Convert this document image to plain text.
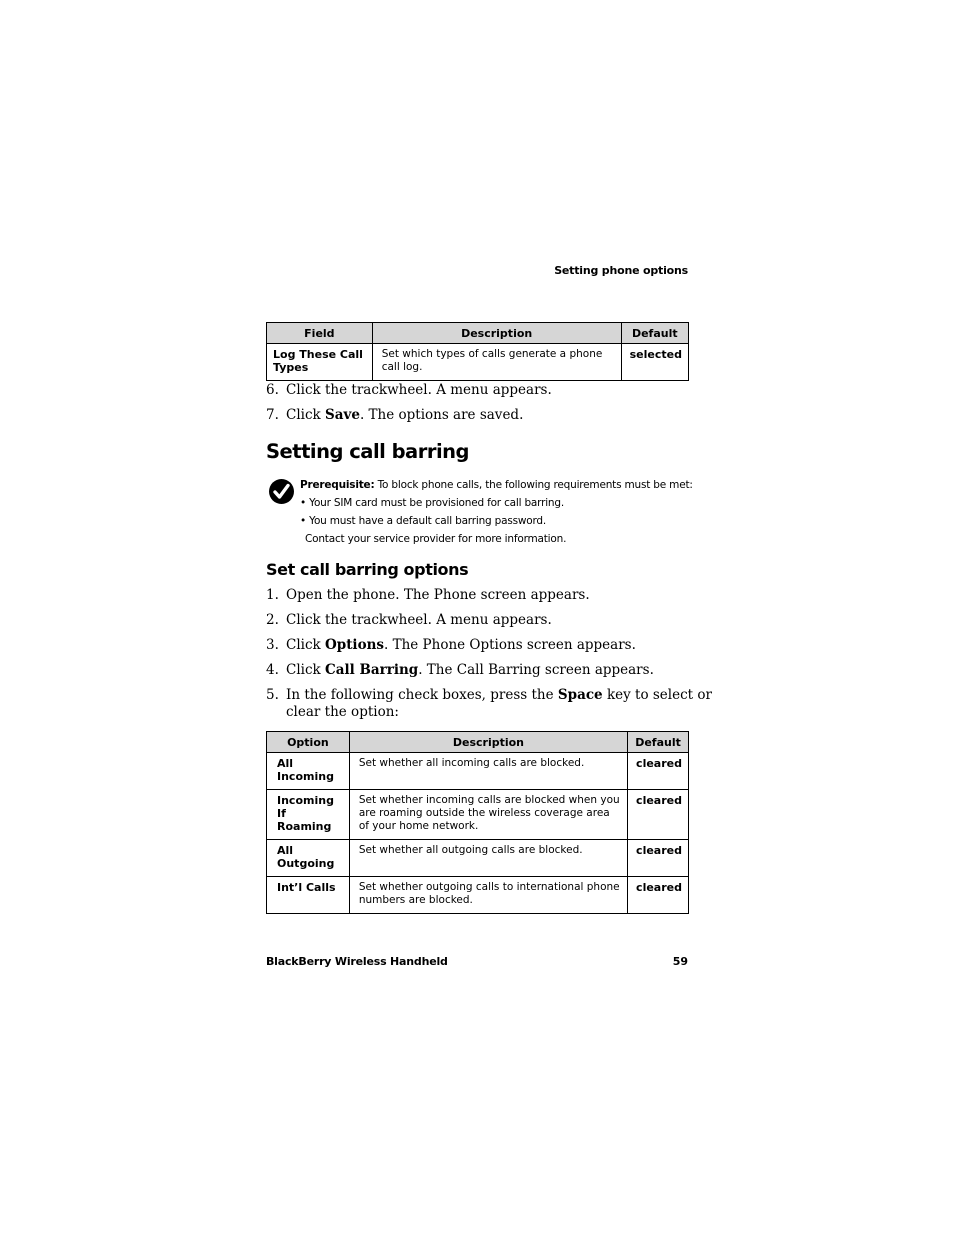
Setting phone options
Field	Description	Default
Log These Call Types	Set which types of calls generate a phone call log.	selected
6. Click the trackwheel. A menu appears.
7. Click Save. The options are saved.
Setting call barring
Prerequisite: To block phone calls, the following requirements must be met:
• Your SIM card must be provisioned for call barring.
• You must have a default call barring password.
Contact your service provider for more information.
Set call barring options
1. Open the phone. The Phone screen appears.
2. Click the trackwheel. A menu appears.
3. Click Options. The Phone Options screen appears.
4. Click Call Barring. The Call Barring screen appears.
5. In the following check boxes, press the Space key to select or
clear the option:
Option	Description	Default
All Incoming	Set whether all incoming calls are blocked.	cleared
Incoming If Roaming	Set whether incoming calls are blocked when you are roaming outside the wireless coverage area of your home network.	cleared
All Outgoing	Set whether all outgoing calls are blocked.	cleared
Int’l Calls	Set whether outgoing calls to international phone numbers are blocked.	cleared
BlackBerry Wireless Handheld	59
